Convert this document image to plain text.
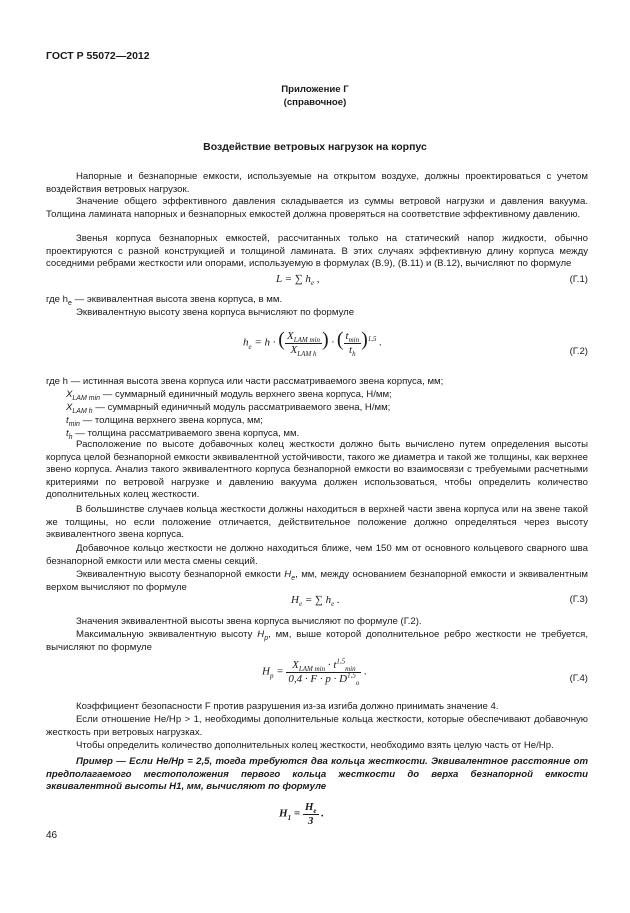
ГОСТ Р 55072—2012
Приложение Г
(справочное)
Воздействие ветровых нагрузок на корпус
Напорные и безнапорные емкости, используемые на открытом воздухе, должны проектироваться с учетом воздействия ветровых нагрузок.
Значение общего эффективного давления складывается из суммы ветровой нагрузки и давления вакуума. Толщина ламината напорных и безнапорных емкостей должна проверяться на соответствие эффективному давлению.
Звенья корпуса безнапорных емкостей, рассчитанных только на статический напор жидкости, обычно проектируются с разной конструкцией и толщиной ламината. В этих случаях эффективную длину корпуса между соседними ребрами жесткости или опорами, используемую в формулах (В.9), (В.11) и (В.12), вычисляют по формуле
L = ∑ $h_e$ ,	(Г.1)
где $h_е$ — эквивалентная высота звена корпуса, в мм.
Эквивалентную высоту звена корпуса вычисляют по формуле
$h_e = h$ · ( $\frac{X_{LAM min}}{X_{LAM h}}$ ) · ( $\frac{t_{min}}{t_h} )^{1,5}$ .
(Г.2)
где h — истинная высота звена корпуса или части рассматриваемого звена корпуса, мм;
$X_{LAM min}$ — суммарный единичный модуль верхнего звена корпуса, Н/мм;
$X_{LAM h}$ — суммарный единичный модуль рассматриваемого звена, Н/мм;
$t_{min}$ — толщина верхнего звена корпуса, мм;
$t_h$ — толщина рассматриваемого звена корпуса, мм.
Расположение по высоте добавочных колец жесткости должно быть вычислено путем определения высоты корпуса целой безнапорной емкости эквивалентной устойчивости, такого же диаметра и такой же толщины, как верхнее звено корпуса. Анализ такого эквивалентного корпуса безнапорной емкости во взаимосвязи с требуемыми расчетными критериями по ветровой нагрузке и давлению вакуума должен использоваться, чтобы определить количество дополнительных колец жесткости.
В большинстве случаев кольца жесткости должны находиться в верхней части звена корпуса или на звене такой же толщины, но если положение отличается, действительное положение должно определяться через высоту эквивалентного звена корпуса.
Добавочное кольцо жесткости не должно находиться ближе, чем 150 мм от основного кольцевого сварного шва безнапорной емкости или места смены секций.
Эквивалентную высоту безнапорной емкости $H_e$, мм, между основанием безнапорной емкости и эквивалентным верхом вычисляют по формуле
$H_e$ = ∑ $h_e$ .	(Г.3)
Значения эквивалентной высоты звена корпуса вычисляют по формуле (Г.2).
Максимальную эквивалентную высоту $H_p$, мм, выше которой дополнительное ребро жесткости не требуется, вычисляют по формуле
$H_p = \frac{X_{LAM min} \cdot t^{1,5}_{min}}{0,4 \cdot F \cdot p \cdot D^{1,5}_o}$ .
(Г.4)
Коэффициент безопасности F против разрушения из-за изгиба должно принимать значение 4.
Если отношение Hе/Hр > 1, необходимы дополнительные кольца жесткости, которые обеспечивают добавочную жесткость при ветровых нагрузках.
Чтобы определить количество дополнительных колец жесткости, необходимо взять целую часть от Hе/Hр.
Пример — Если Hе/Hр = 2,5, тогда требуются два кольца жесткости. Эквивалентное расстояние от предполагаемого местоположения первого кольца жесткости до верха безнапорной емкости эквивалентной высоты H1, мм, вычисляют по формуле
$H_1 = \frac{H_e}{3}$ .
46
